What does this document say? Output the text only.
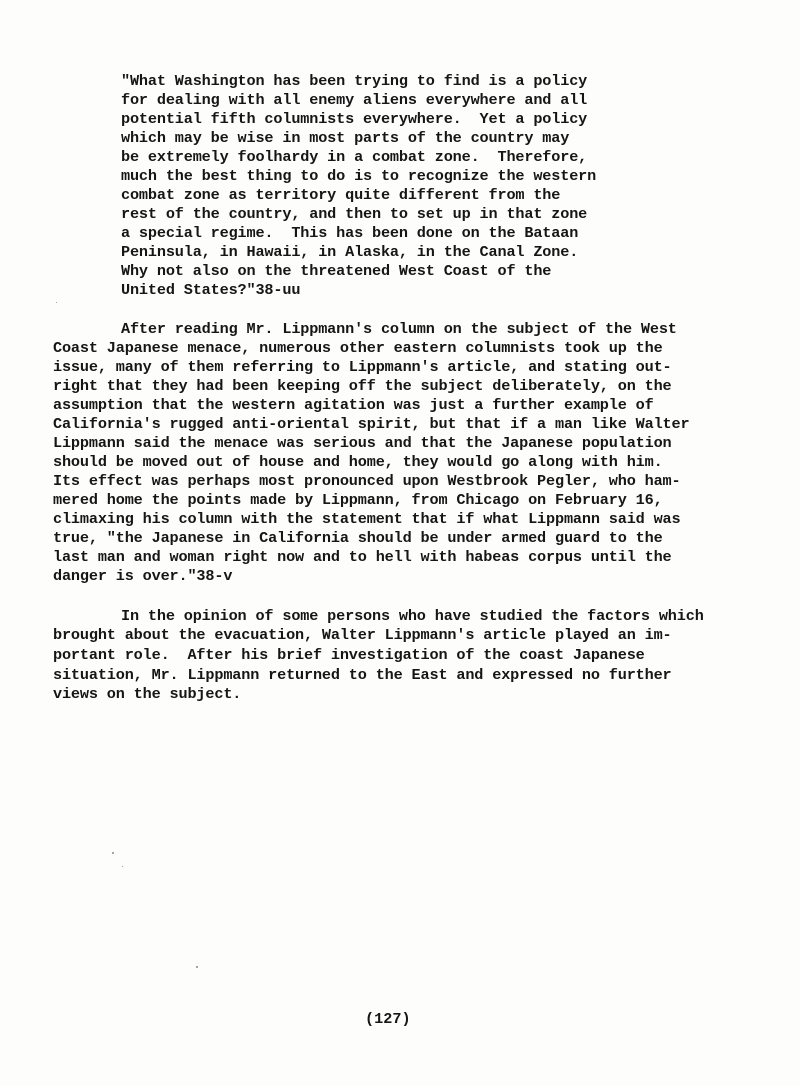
"What Washington has been trying to find is a policy
for dealing with all enemy aliens everywhere and all
potential fifth columnists everywhere.  Yet a policy
which may be wise in most parts of the country may
be extremely foolhardy in a combat zone.  Therefore,
much the best thing to do is to recognize the western
combat zone as territory quite different from the
rest of the country, and then to set up in that zone
a special regime.  This has been done on the Bataan
Peninsula, in Hawaii, in Alaska, in the Canal Zone.
Why not also on the threatened West Coast of the
United States?"38-uu
After reading Mr. Lippmann's column on the subject of the West
Coast Japanese menace, numerous other eastern columnists took up the
issue, many of them referring to Lippmann's article, and stating out-
right that they had been keeping off the subject deliberately, on the
assumption that the western agitation was just a further example of
California's rugged anti-oriental spirit, but that if a man like Walter
Lippmann said the menace was serious and that the Japanese population
should be moved out of house and home, they would go along with him.
Its effect was perhaps most pronounced upon Westbrook Pegler, who ham-
mered home the points made by Lippmann, from Chicago on February 16,
climaxing his column with the statement that if what Lippmann said was
true, "the Japanese in California should be under armed guard to the
last man and woman right now and to hell with habeas corpus until the
danger is over."38-v
In the opinion of some persons who have studied the factors which
brought about the evacuation, Walter Lippmann's article played an im-
portant role.  After his brief investigation of the coast Japanese
situation, Mr. Lippmann returned to the East and expressed no further
views on the subject.
(127)
